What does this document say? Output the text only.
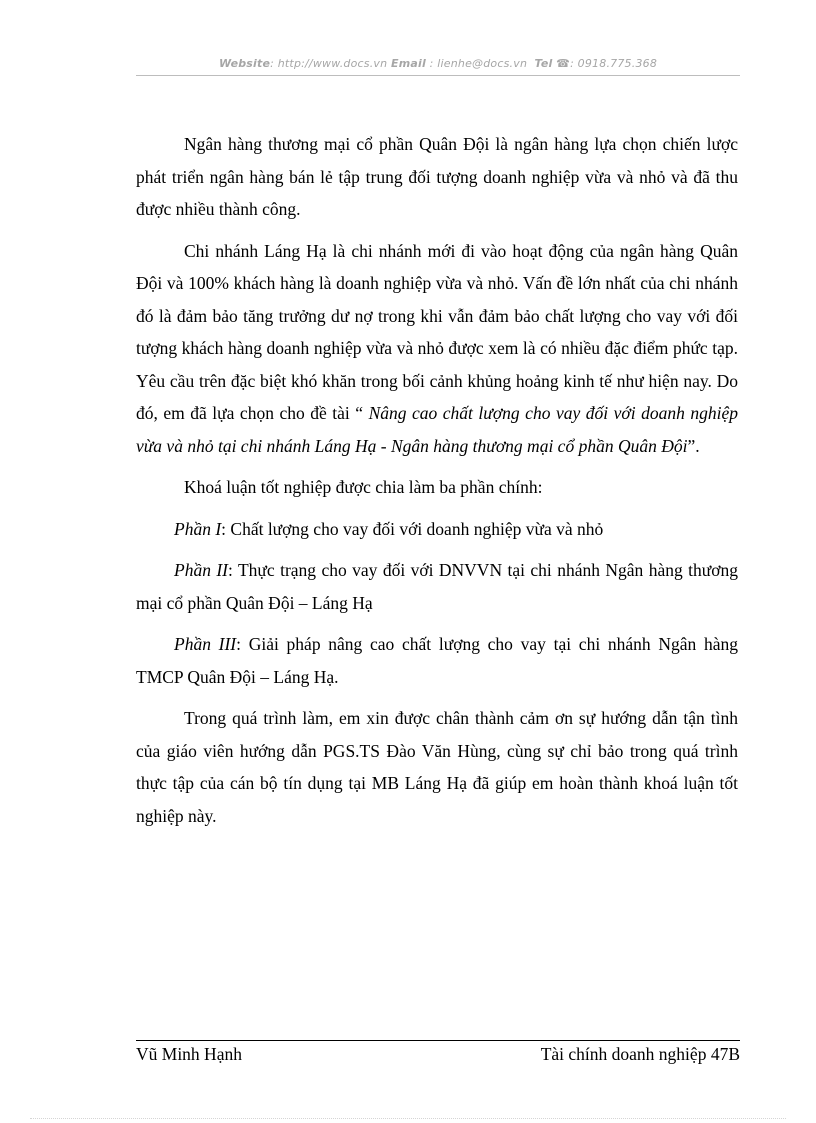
Website: http://www.docs.vn Email : lienhe@docs.vn Tel ☎: 0918.775.368

Ngân hàng thương mại cổ phần Quân Đội là ngân hàng lựa chọn chiến lược phát triển ngân hàng bán lẻ tập trung đối tượng doanh nghiệp vừa và nhỏ và đã thu được nhiều thành công.

Chi nhánh Láng Hạ là chi nhánh mới đi vào hoạt động của ngân hàng Quân Đội và 100% khách hàng là doanh nghiệp vừa và nhỏ. Vấn đề lớn nhất của chi nhánh đó là đảm bảo tăng trưởng dư nợ trong khi vẫn đảm bảo chất lượng cho vay với đối tượng khách hàng doanh nghiệp vừa và nhỏ được xem là có nhiều đặc điểm phức tạp. Yêu cầu trên đặc biệt khó khăn trong bối cảnh khủng hoảng kinh tế như hiện nay. Do đó, em đã lựa chọn cho đề tài “ Nâng cao chất lượng cho vay đối với doanh nghiệp vừa và nhỏ tại chi nhánh Láng Hạ - Ngân hàng thương mại cổ phần Quân Đội”.

Khoá luận tốt nghiệp được chia làm ba phần chính:

Phần I: Chất lượng cho vay đối với doanh nghiệp vừa và nhỏ

Phần II: Thực trạng cho vay đối với DNVVN tại chi nhánh Ngân hàng thương mại cổ phần Quân Đội – Láng Hạ

Phần III: Giải pháp nâng cao chất lượng cho vay tại chi nhánh Ngân hàng TMCP Quân Đội – Láng Hạ.

Trong quá trình làm, em xin được chân thành cảm ơn sự hướng dẫn tận tình của giáo viên hướng dẫn PGS.TS Đào Văn Hùng, cùng sự chỉ bảo trong quá trình thực tập của cán bộ tín dụng tại MB Láng Hạ đã giúp em hoàn thành khoá luận tốt nghiệp này.

Vũ Minh Hạnh	Tài chính doanh nghiệp 47B
